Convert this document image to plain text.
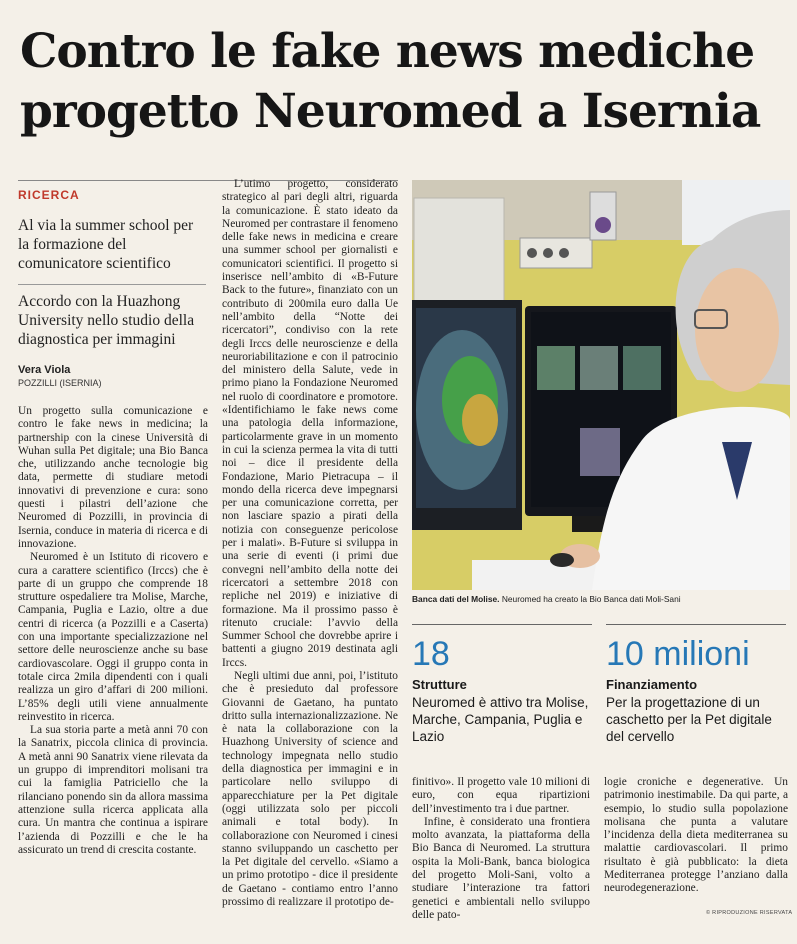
Contro le fake news mediche
progetto Neuromed a Isernia
RICERCA
Al via la summer school per la formazione del comunicatore scientifico
Accordo con la Huazhong University nello studio della diagnostica per immagini
Vera Viola
POZZILLI (ISERNIA)

Un progetto sulla comunicazione e contro le fake news in medicina; la partnership con la cinese Università di Wuhan sulla Pet digitale; una Bio Banca che, utilizzando anche tecnologie big data, permette di studiare metodi innovativi di prevenzione e cura: sono questi i pilastri dell’azione che Neuromed di Pozzilli, in provincia di Isernia, conduce in materia di ricerca e di innovazione.

Neuromed è un Istituto di ricovero e cura a carattere scientifico (Irccs) che è parte di un gruppo che comprende 18 strutture ospedaliere tra Molise, Marche, Campania, Puglia e Lazio, oltre a due centri di ricerca (a Pozzilli e a Caserta) con una importante specializzazione nel settore delle neuroscienze anche su base cardiovascolare. Oggi il gruppo conta in totale circa 2mila dipendenti con i quali realizza un giro d’affari di 200 milioni. L’85% degli utili viene annualmente reinvestito in ricerca.

La sua storia parte a metà anni 70 con la Sanatrix, piccola clinica di provincia. A metà anni 90 Sanatrix viene rilevata da un gruppo di imprenditori molisani tra cui la famiglia Patriciello che la rilanciano ponendo sin da allora massima attenzione sulla ricerca applicata alla cura. Un mantra che continua a ispirare l’azienda di Pozzilli e che le ha assicurato un trend di crescita costante.

L’utimo progetto, considerato strategico al pari degli altri, riguarda la comunicazione. È stato ideato da Neuromed per contrastare il fenomeno delle fake news in medicina e creare una summer school per giornalisti e comunicatori scientifici. Il progetto si inserisce nell’ambito di «B-Future Back to the future», finanziato con un contributo di 200mila euro dalla Ue nell’ambito della “Notte dei ricercatori”, condiviso con la rete degli Irccs delle neuroscienze e della neuroriabilitazione e con il patrocinio del ministero della Salute, vede in primo piano la Fondazione Neuromed nel ruolo di coordinatore e promotore. «Identifichiamo le fake news come una patologia della informazione, particolarmente grave in un momento in cui la scienza permea la vita di tutti noi – dice il presidente della Fondazione, Mario Pietracupa – il mondo della ricerca deve impegnarsi per una comunicazione corretta, per non lasciare spazio a pirati della notizia con conseguenze pericolose per i malati». B-Future si sviluppa in una serie di eventi (i primi due convegni nell’ambito della notte dei ricercatori a settembre 2018 con repliche nel 2019) e iniziative di formazione. Ma il prossimo passo è ritenuto cruciale: l’avvio della Summer School che dovrebbe aprire i battenti a giugno 2019 destinata agli Irccs.

Negli ultimi due anni, poi, l’istituto che è presieduto dal professore Giovanni de Gaetano, ha puntato dritto sulla internazionalizzazione. Ne è nata la collaborazione con la Huazhong University of science and technology impegnata nello studio della diagnostica per immagini e in particolare nello sviluppo di apparecchiature per la Pet digitale (oggi utilizzata solo per piccoli animali e total body). In collaborazione con Neuromed i cinesi stanno sviluppando un caschetto per la Pet digitale del cervello. «Siamo a un primo prototipo - dice il presidente de Gaetano - contiamo entro l’anno prossimo di realizzare il prototipo de-

Banca dati del Molise. Neuromed ha creato la Bio Banca dati Moli-Sani
18
Strutture
Neuromed è attivo tra Molise, Marche, Campania, Puglia e Lazio
10 milioni
Finanziamento
Per la progettazione di un caschetto per la Pet digitale del cervello

finitivo». Il progetto vale 10 milioni di euro, con equa ripartizioni dell’investimento tra i due partner.

Infine, è considerato una frontiera molto avanzata, la piattaforma della Bio Banca di Neuromed. La struttura ospita la Moli-Bank, banca biologica del progetto Moli-Sani, volto a studiare l’interazione tra fattori genetici e ambientali nello sviluppo delle pato-

logie croniche e degenerative. Un patrimonio inestimabile. Da qui parte, a esempio, lo studio sulla popolazione molisana che punta a valutare l’incidenza della dieta mediterranea su malattie cardiovascolari. Il primo risultato è già pubblicato: la dieta Mediterranea protegge l’anziano dalla neurodegenerazione.

© RIPRODUZIONE RISERVATA
